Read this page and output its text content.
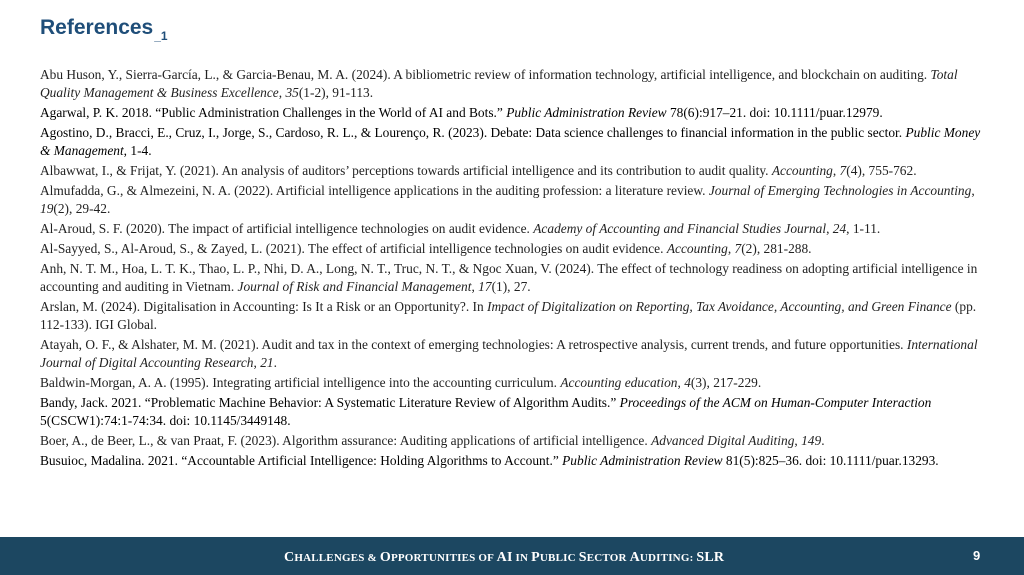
References$_{\_1}$
Abu Huson, Y., Sierra-García, L., & Garcia-Benau, M. A. (2024). A bibliometric review of information technology, artificial intelligence, and blockchain on auditing. Total Quality Management & Business Excellence, 35(1-2), 91-113.
Agarwal, P. K. 2018. “Public Administration Challenges in the World of AI and Bots.” Public Administration Review 78(6):917–21. doi: 10.1111/puar.12979.
Agostino, D., Bracci, E., Cruz, I., Jorge, S., Cardoso, R. L., & Lourenço, R. (2023). Debate: Data science challenges to financial information in the public sector. Public Money & Management, 1-4.
Albawwat, I., & Frijat, Y. (2021). An analysis of auditors’ perceptions towards artificial intelligence and its contribution to audit quality. Accounting, 7(4), 755-762.
Almufadda, G., & Almezeini, N. A. (2022). Artificial intelligence applications in the auditing profession: a literature review. Journal of Emerging Technologies in Accounting, 19(2), 29-42.
Al-Aroud, S. F. (2020). The impact of artificial intelligence technologies on audit evidence. Academy of Accounting and Financial Studies Journal, 24, 1-11.
Al-Sayyed, S., Al-Aroud, S., & Zayed, L. (2021). The effect of artificial intelligence technologies on audit evidence. Accounting, 7(2), 281-288.
Anh, N. T. M., Hoa, L. T. K., Thao, L. P., Nhi, D. A., Long, N. T., Truc, N. T., & Ngoc Xuan, V. (2024). The effect of technology readiness on adopting artificial intelligence in accounting and auditing in Vietnam. Journal of Risk and Financial Management, 17(1), 27.
Arslan, M. (2024). Digitalisation in Accounting: Is It a Risk or an Opportunity?. In Impact of Digitalization on Reporting, Tax Avoidance, Accounting, and Green Finance (pp. 112-133). IGI Global.
Atayah, O. F., & Alshater, M. M. (2021). Audit and tax in the context of emerging technologies: A retrospective analysis, current trends, and future opportunities. International Journal of Digital Accounting Research, 21.
Baldwin-Morgan, A. A. (1995). Integrating artificial intelligence into the accounting curriculum. Accounting education, 4(3), 217-229.
Bandy, Jack. 2021. “Problematic Machine Behavior: A Systematic Literature Review of Algorithm Audits.” Proceedings of the ACM on Human-Computer Interaction 5(CSCW1):74:1-74:34. doi: 10.1145/3449148.
Boer, A., de Beer, L., & van Praat, F. (2023). Algorithm assurance: Auditing applications of artificial intelligence. Advanced Digital Auditing, 149.
Busuioc, Madalina. 2021. “Accountable Artificial Intelligence: Holding Algorithms to Account.” Public Administration Review 81(5):825–36. doi: 10.1111/puar.13293.
CHALLENGES & OPPORTUNITIES OF AI IN PUBLIC SECTOR AUDITING: SLR	9
